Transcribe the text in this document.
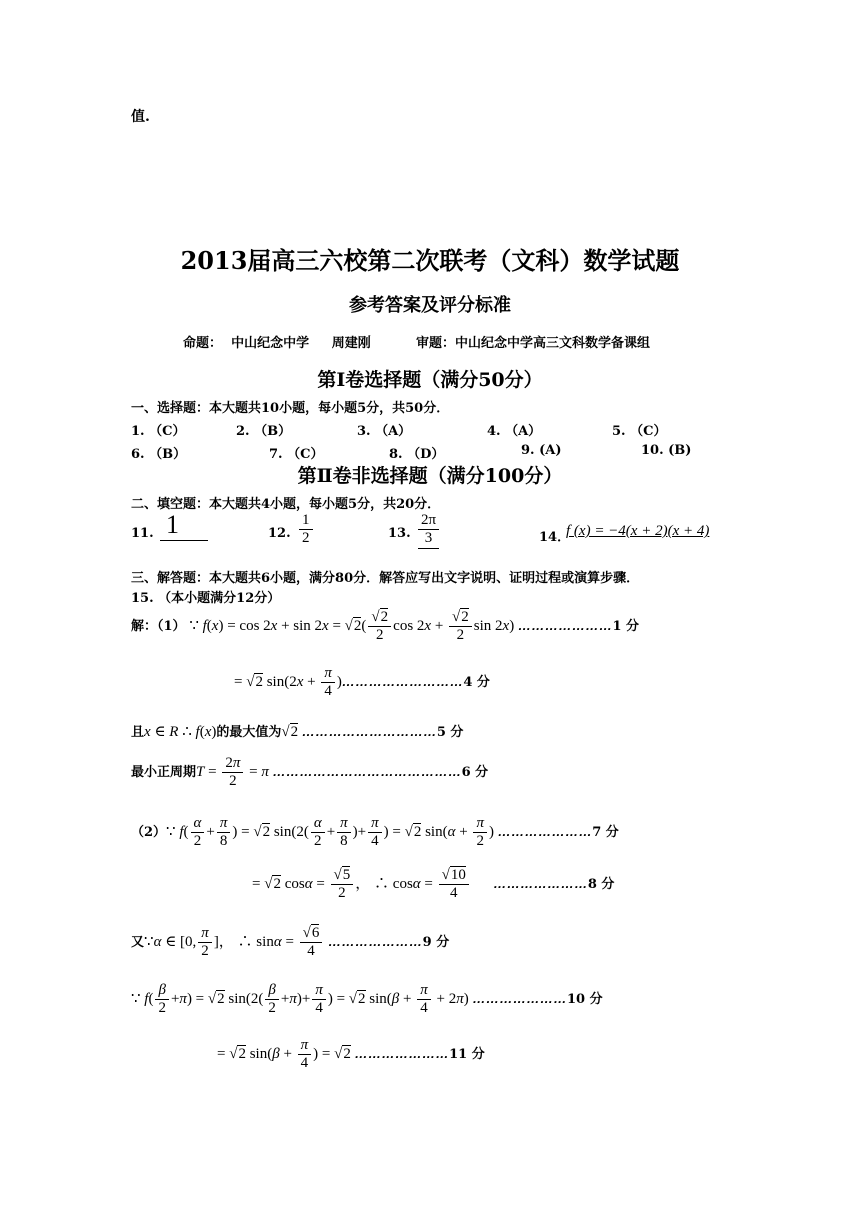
值.
2013届高三六校第二次联考（文科）数学试题
参考答案及评分标准
命题： 中山纪念中学 周建刚	审题：中山纪念中学高三文科数学备课组
第Ⅰ卷选择题（满分50分）
一、选择题：本大题共10小题，每小题5分，共50分．
1. （C）	2. （B）	3. （A）	4. （A）	5. （C）
6. （B）	7. （C）	8. （D）	9. (A)	10. (B)
第Ⅱ卷非选择题（满分100分）
二、填空题：本大题共4小题，每小题5分，共20分．
11. 1	12. $\frac{1}{2}$	13. $\frac{2\pi}{3}$	14．
f (x) = −4(x + 2)(x + 4)
三、解答题：本大题共6小题，满分80分．解答应写出文字说明、证明过程或演算步骤．
15. （本小题满分12分）
解：（1） ∵ $f(x) = \cos 2x + \sin 2x = √2( \frac{√2}{2}$ $\cos 2x + \frac{√2}{2}$ sin 2x) …………………1 分
= √2 $\sin(2x + \frac{\pi}{4}$ )………………………4 分
且x ∈ R ∴ f(x)的最大值为√2 …………………………5 分
最小正周期$T = \frac{2\pi}{2} = \pi$ ……………………………………6 分
（2）∵ $f( \frac{\alpha}{2} + \frac{\pi}{8}$ ) = √2 $\sin(2( \frac{\alpha}{2} + \frac{\pi}{8}$ )+ $\frac{\pi}{4}$ ) = √2 $\sin(\alpha + \frac{\pi}{2}$ ) …………………7 分
= √2 $\cos\alpha = \frac{√5}{2}$ ， ∴ $\cos\alpha = \frac{√10}{4}$ …………………8 分
又∵α ∈ [0, $\frac{\pi}{2}$ ]， ∴ $\sin\alpha = \frac{√6}{4}$ …………………9 分
∵ $f( \frac{\beta}{2} +\pi) = √2$ $\sin(2( \frac{\beta}{2} +\pi)+ \frac{\pi}{4}$ ) = √2 $\sin(\beta + \frac{\pi}{4} + 2\pi)$ …………………10 分
= √2 $\sin(\beta + \frac{\pi}{4}$ ) = √2 …………………11 分
